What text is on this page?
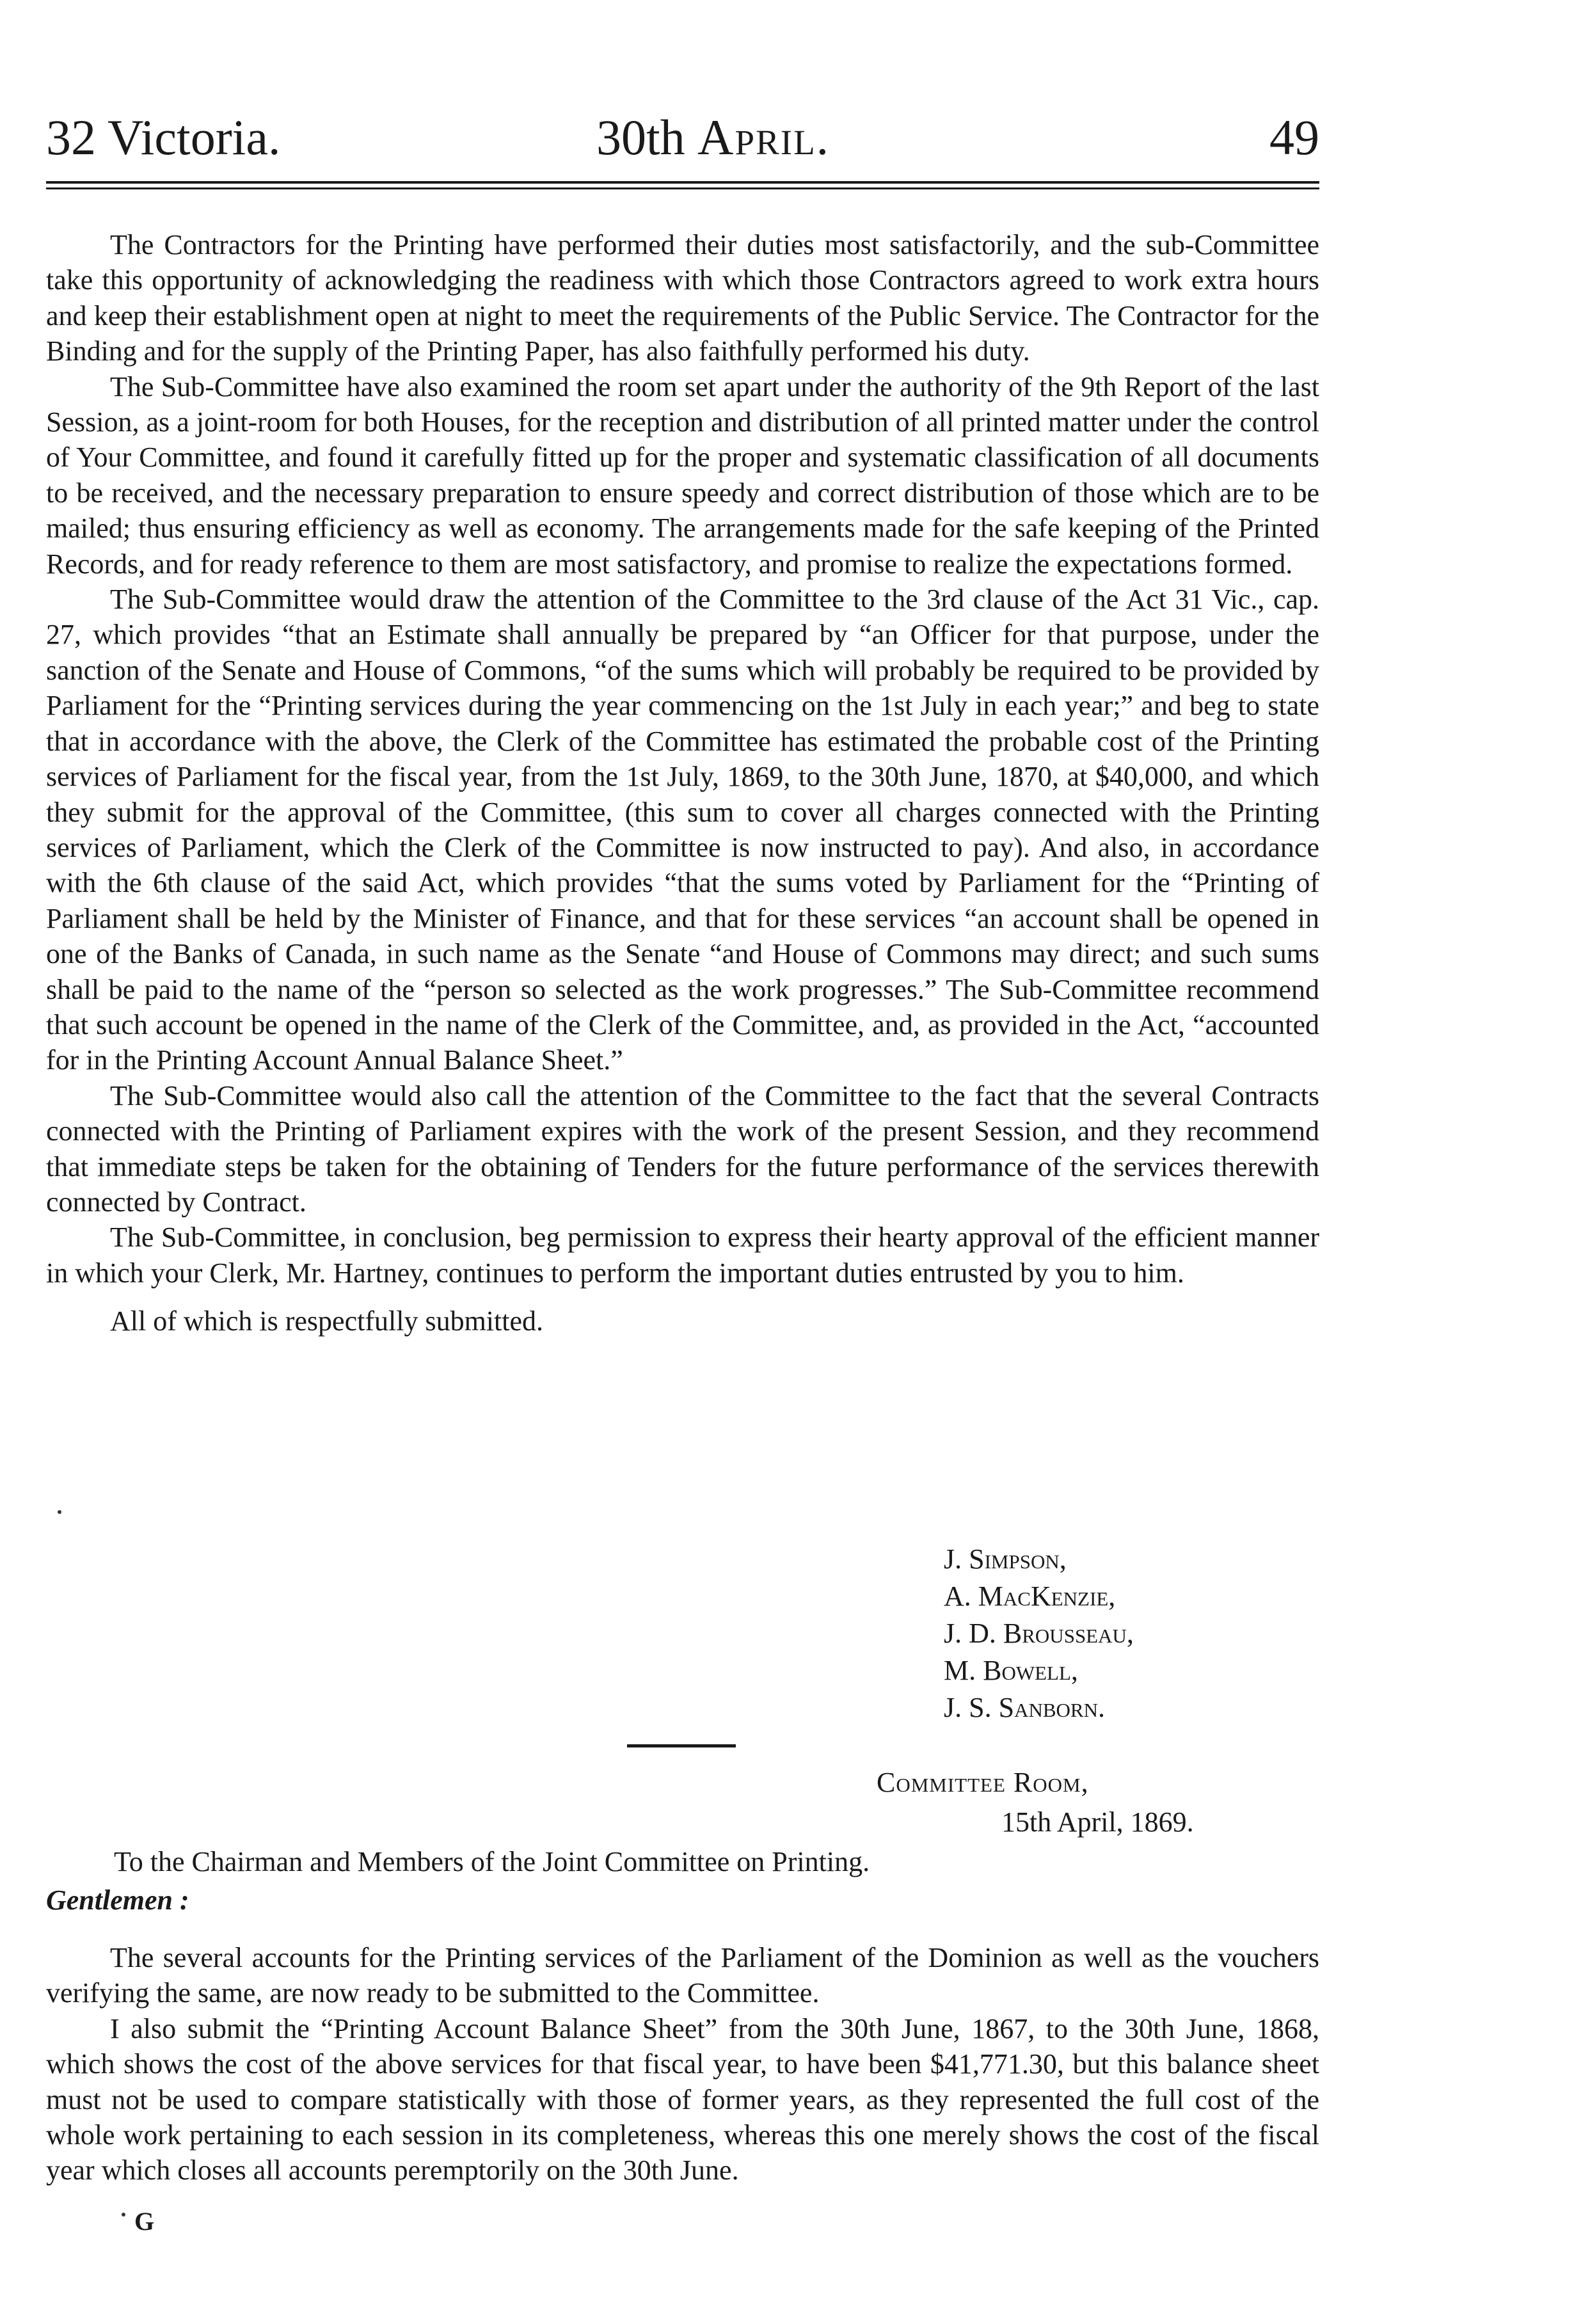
32 Victoria.	30th April.	49

The Contractors for the Printing have performed their duties most satisfactorily, and the sub-Committee take this opportunity of acknowledging the readiness with which those Contractors agreed to work extra hours and keep their establishment open at night to meet the requirements of the Public Service. The Contractor for the Binding and for the supply of the Printing Paper, has also faithfully performed his duty.

The Sub-Committee have also examined the room set apart under the authority of the 9th Report of the last Session, as a joint-room for both Houses, for the reception and distribution of all printed matter under the control of Your Committee, and found it carefully fitted up for the proper and systematic classification of all documents to be received, and the necessary preparation to ensure speedy and correct distribution of those which are to be mailed; thus ensuring efficiency as well as economy. The arrangements made for the safe keeping of the Printed Records, and for ready reference to them are most satisfactory, and promise to realize the expectations formed.

The Sub-Committee would draw the attention of the Committee to the 3rd clause of the Act 31 Vic., cap. 27, which provides “that an Estimate shall annually be prepared by “an Officer for that purpose, under the sanction of the Senate and House of Commons, “of the sums which will probably be required to be provided by Parliament for the “Printing services during the year commencing on the 1st July in each year;” and beg to state that in accordance with the above, the Clerk of the Committee has estimated the probable cost of the Printing services of Parliament for the fiscal year, from the 1st July, 1869, to the 30th June, 1870, at $40,000, and which they submit for the approval of the Committee, (this sum to cover all charges connected with the Printing services of Parliament, which the Clerk of the Committee is now instructed to pay). And also, in accordance with the 6th clause of the said Act, which provides “that the sums voted by Parliament for the “Printing of Parliament shall be held by the Minister of Finance, and that for these services “an account shall be opened in one of the Banks of Canada, in such name as the Senate “and House of Commons may direct; and such sums shall be paid to the name of the “person so selected as the work progresses.” The Sub-Committee recommend that such account be opened in the name of the Clerk of the Committee, and, as provided in the Act, “accounted for in the Printing Account Annual Balance Sheet.”

The Sub-Committee would also call the attention of the Committee to the fact that the several Contracts connected with the Printing of Parliament expires with the work of the present Session, and they recommend that immediate steps be taken for the obtaining of Tenders for the future performance of the services therewith connected by Contract.

The Sub-Committee, in conclusion, beg permission to express their hearty approval of the efficient manner in which your Clerk, Mr. Hartney, continues to perform the important duties entrusted by you to him.

All of which is respectfully submitted.
J. Simpson,
A. MacKenzie,
J. D. Brousseau,
M. Bowell,
J. S. Sanborn.
Committee Room,
15th April, 1869.
To the Chairman and Members of the Joint Committee on Printing.
Gentlemen :

The several accounts for the Printing services of the Parliament of the Dominion as well as the vouchers verifying the same, are now ready to be submitted to the Committee.

I also submit the “Printing Account Balance Sheet” from the 30th June, 1867, to the 30th June, 1868, which shows the cost of the above services for that fiscal year, to have been $41,771.30, but this balance sheet must not be used to compare statistically with those of former years, as they represented the full cost of the whole work pertaining to each session in its completeness, whereas this one merely shows the cost of the fiscal year which closes all accounts peremptorily on the 30th June.

G
